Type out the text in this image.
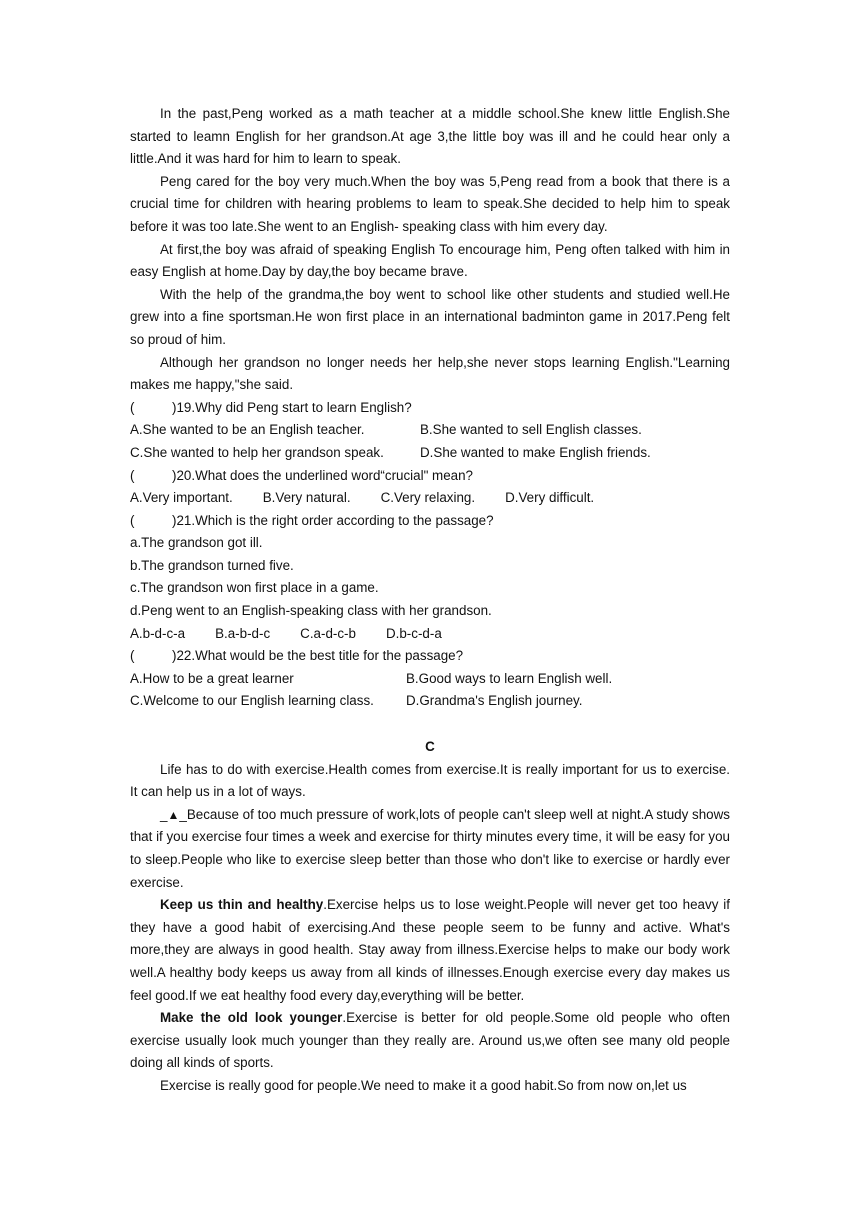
In the past,Peng worked as a math teacher at a middle school.She knew little English.She started to leamn English for her grandson.At age 3,the little boy was ill and he could hear only a little.And it was hard for him to learn to speak.

Peng cared for the boy very much.When the boy was 5,Peng read from a book that there is a crucial time for children with hearing problems to leam to speak.She decided to help him to speak before it was too late.She went to an English- speaking class with him every day.

At first,the boy was afraid of speaking English To encourage him, Peng often talked with him in easy English at home.Day by day,the boy became brave.

With the help of the grandma,the boy went to school like other students and studied well.He grew into a fine sportsman.He won first place in an international badminton game in 2017.Peng felt so proud of him.

Although her grandson no longer needs her help,she never stops learning English."Learning makes me happy,"she said.

(	)19.Why did Peng start to learn English?

A.She wanted to be an English teacher.	B.She wanted to sell English classes.
C.She wanted to help her grandson speak.	D.She wanted to make English friends.

(	)20.What does the underlined word“crucial" mean?

A.Very important. B.Very natural. C.Very relaxing. D.Very difficult.

(	)21.Which is the right order according to the passage?

a.The grandson got ill.

b.The grandson turned five.

c.The grandson won first place in a game.

d.Peng went to an English-speaking class with her grandson.

A.b-d-c-a B.a-b-d-c C.a-d-c-b D.b-c-d-a

(	)22.What would be the best title for the passage?

A.How to be a great learner	B.Good ways to learn English well.
C.Welcome to our English learning class.	D.Grandma's English journey.

C

Life has to do with exercise.Health comes from exercise.It is really important for us to exercise. It can help us in a lot of ways.

_▲_Because of too much pressure of work,lots of people can't sleep well at night.A study shows that if you exercise four times a week and exercise for thirty minutes every time, it will be easy for you to sleep.People who like to exercise sleep better than those who don't like to exercise or hardly ever exercise.

Keep us thin and healthy.Exercise helps us to lose weight.People will never get too heavy if they have a good habit of exercising.And these people seem to be funny and active. What's more,they are always in good health. Stay away from illness.Exercise helps to make our body work well.A healthy body keeps us away from all kinds of illnesses.Enough exercise every day makes us feel good.If we eat healthy food every day,everything will be better.

Make the old look younger.Exercise is better for old people.Some old people who often exercise usually look much younger than they really are. Around us,we often see many old people doing all kinds of sports.

Exercise is really good for people.We need to make it a good habit.So from now on,let us
